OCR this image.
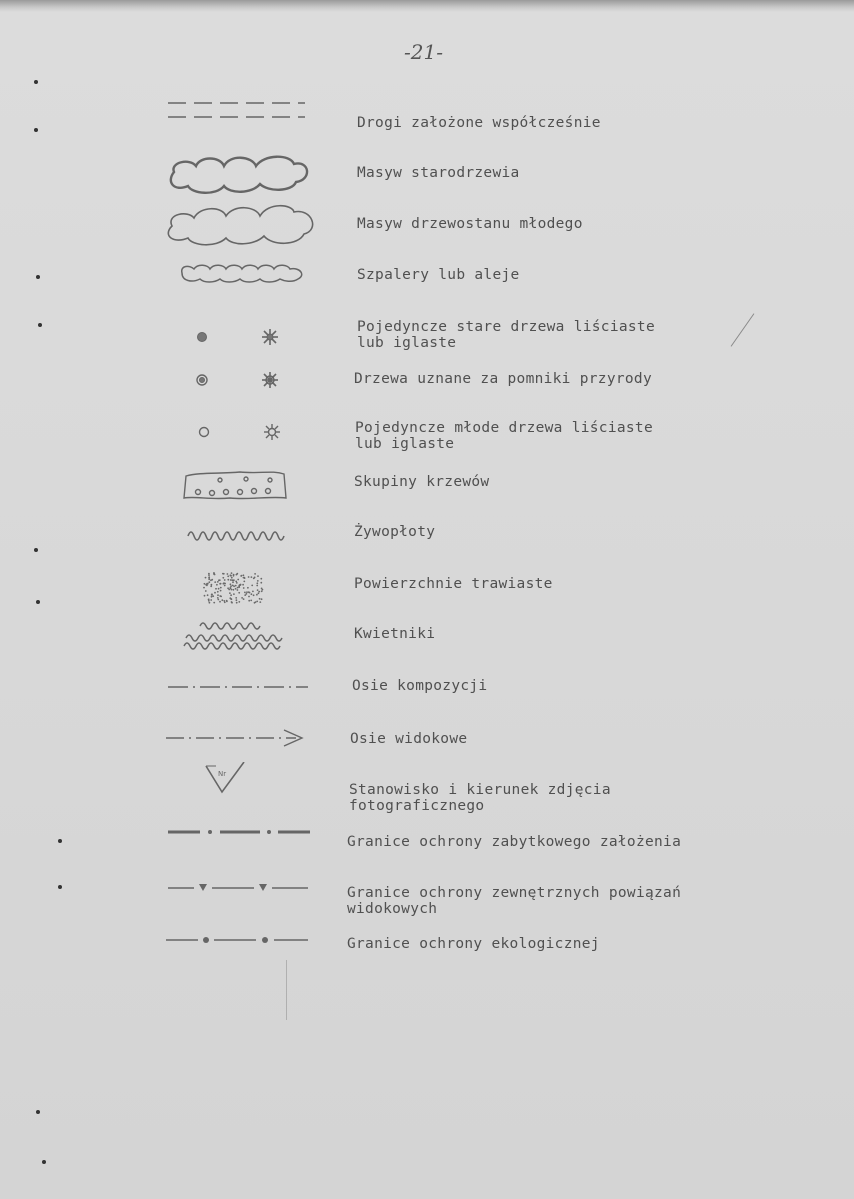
-21-
Drogi założone współcześnie
Masyw starodrzewia
Masyw drzewostanu młodego
Szpalery lub aleje
Pojedyncze stare drzewa liściaste
lub iglaste
Drzewa uznane za pomniki przyrody
Pojedyncze młode drzewa liściaste
lub iglaste
Skupiny krzewów
Żywopłoty
Powierzchnie trawiaste
Kwietniki
Osie kompozycji
Osie widokowe
Nr
Stanowisko i kierunek zdjęcia
fotograficznego
Granice ochrony zabytkowego założenia
Granice ochrony zewnętrznych powiązań
widokowych
Granice ochrony ekologicznej
